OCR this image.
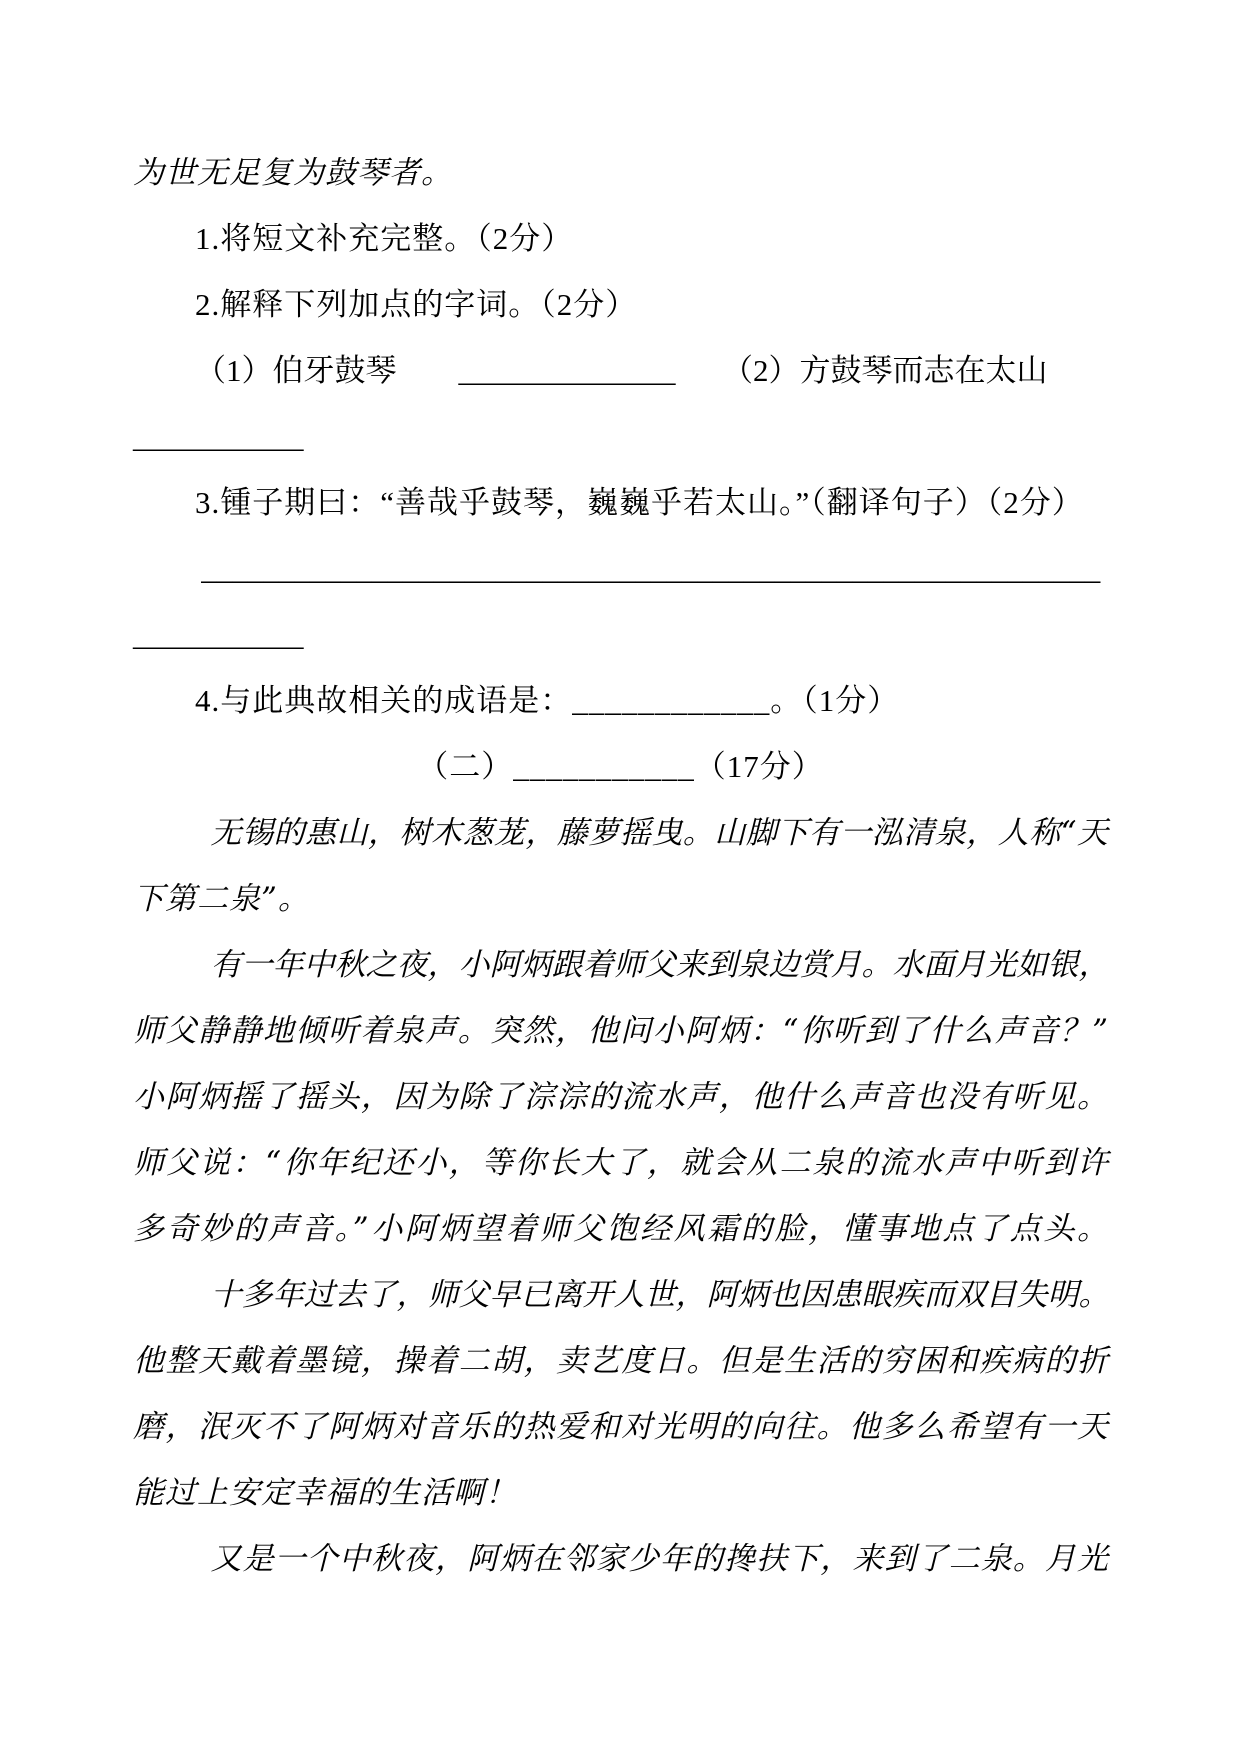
为世无足复为鼓琴者。
1.将短文补充完整。（2分）
2.解释下列加点的字词。（2分）
（1）伯牙鼓琴　　______________　　（2）方鼓琴而志在太山
___________
3.锺子期曰：“善哉乎鼓琴，巍巍乎若太山。”（翻译句子）（2分）
__________________________________________________________
___________
4.与此典故相关的成语是：____________。（1分）
（二）___________（17分）
无锡的惠山，树木葱茏，藤萝摇曳。山脚下有一泓清泉，人称“天
下第二泉”。
有一年中秋之夜，小阿炳跟着师父来到泉边赏月。水面月光如银，
师父静静地倾听着泉声。突然，他问小阿炳：“你听到了什么声音？”
小阿炳摇了摇头，因为除了淙淙的流水声，他什么声音也没有听见。
师父说：“你年纪还小，等你长大了，就会从二泉的流水声中听到许
多奇妙的声音。”小阿炳望着师父饱经风霜的脸，懂事地点了点头。
十多年过去了，师父早已离开人世，阿炳也因患眼疾而双目失明。
他整天戴着墨镜，操着二胡，卖艺度日。但是生活的穷困和疾病的折
磨，泯灭不了阿炳对音乐的热爱和对光明的向往。他多么希望有一天
能过上安定幸福的生活啊！
又是一个中秋夜，阿炳在邻家少年的搀扶下，来到了二泉。月光
